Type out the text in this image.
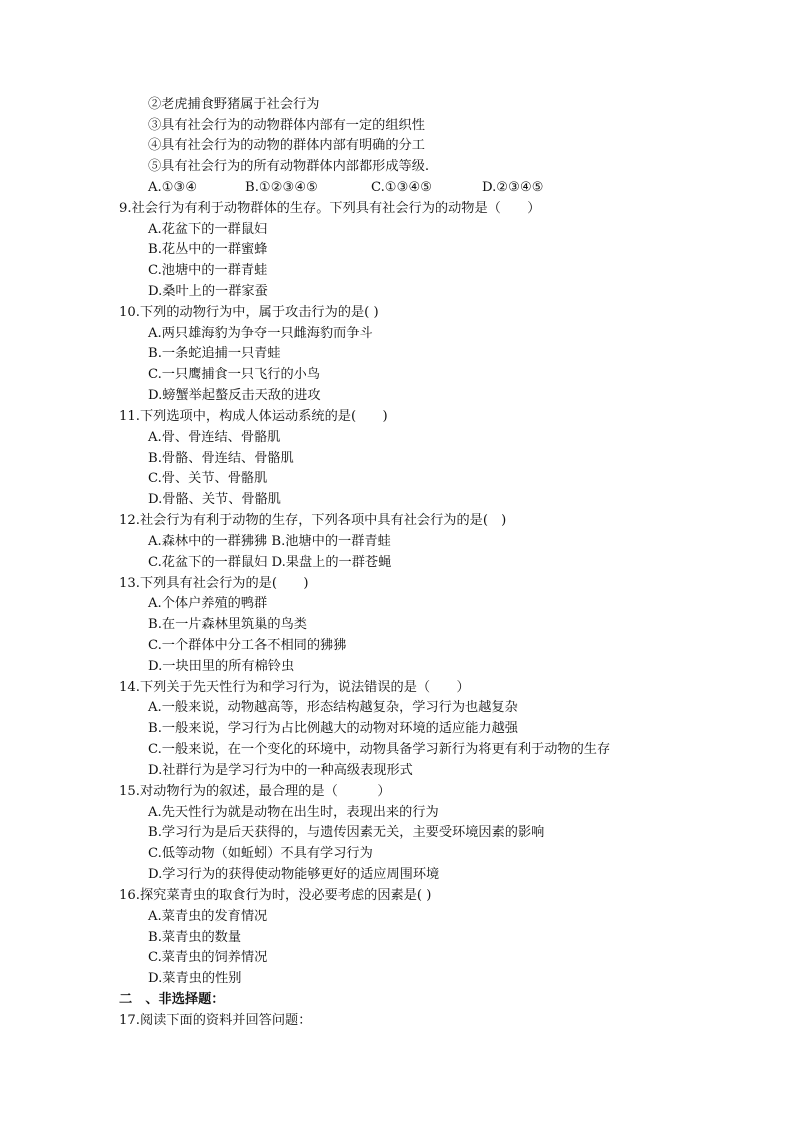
②老虎捕食野猪属于社会行为
③具有社会行为的动物群体内部有一定的组织性
④具有社会行为的动物的群体内部有明确的分工
⑤具有社会行为的所有动物群体内部都形成等级.
A.①③④	B.①②③④⑤	C.①③④⑤	D.②③④⑤
9.社会行为有利于动物群体的生存。下列具有社会行为的动物是（　　）
A.花盆下的一群鼠妇
B.花丛中的一群蜜蜂
C.池塘中的一群青蛙
D.桑叶上的一群家蚕
10.下列的动物行为中，属于攻击行为的是( )
A.两只雄海豹为争夺一只雌海豹而争斗
B.一条蛇追捕一只青蛙
C.一只鹰捕食一只飞行的小鸟
D.螃蟹举起螯反击天敌的进攻
11.下列选项中，构成人体运动系统的是(　　)
A.骨、骨连结、骨骼肌
B.骨骼、骨连结、骨骼肌
C.骨、关节、骨骼肌
D.骨骼、关节、骨骼肌
12.社会行为有利于动物的生存，下列各项中具有社会行为的是(　)
A.森林中的一群狒狒 B.池塘中的一群青蛙
C.花盆下的一群鼠妇 D.果盘上的一群苍蝇
13.下列具有社会行为的是(　　)
A.个体户养殖的鸭群
B.在一片森林里筑巢的鸟类
C.一个群体中分工各不相同的狒狒
D.一块田里的所有棉铃虫
14.下列关于先天性行为和学习行为，说法错误的是（　　）
A.一般来说，动物越高等，形态结构越复杂，学习行为也越复杂
B.一般来说，学习行为占比例越大的动物对环境的适应能力越强
C.一般来说，在一个变化的环境中，动物具备学习新行为将更有利于动物的生存
D.社群行为是学习行为中的一种高级表现形式
15.对动物行为的叙述，最合理的是（　　　）
A.先天性行为就是动物在出生时，表现出来的行为
B.学习行为是后天获得的，与遗传因素无关，主要受环境因素的影响
C.低等动物（如蚯蚓）不具有学习行为
D.学习行为的获得使动物能够更好的适应周围环境
16.探究菜青虫的取食行为时，没必要考虑的因素是( )
A.菜青虫的发育情况
B.菜青虫的数量
C.菜青虫的饲养情况
D.菜青虫的性别
二　、非选择题：
17.阅读下面的资料并回答问题：
